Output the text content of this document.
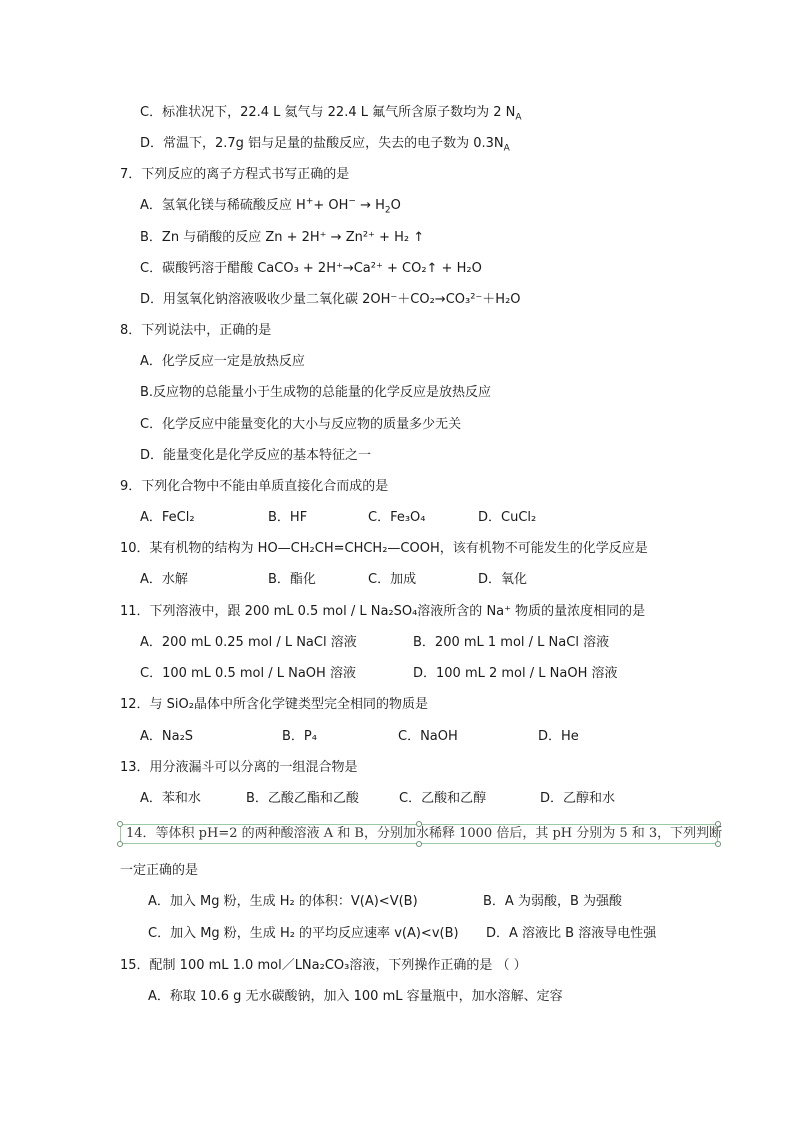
C．标准状况下，22.4 L 氦气与 22.4 L 氟气所含原子数均为 2 $N_A$
D．常温下，2.7g 铝与足量的盐酸反应，失去的电子数为 $0.3N_A$
7．下列反应的离子方程式书写正确的是
A．氢氧化镁与稀硫酸反应 $H^++ OH^- \to H_2O$
B．Zn 与硝酸的反应 Zn + 2H⁺ → Zn²⁺ + H₂ ↑
C．碳酸钙溶于醋酸 CaCO₃ + 2H⁺→Ca²⁺ + CO₂↑ + H₂O
D．用氢氧化钠溶液吸收少量二氧化碳 2OH⁻＋CO₂→CO₃²⁻＋H₂O
8．下列说法中，正确的是
A．化学反应一定是放热反应
B.反应物的总能量小于生成物的总能量的化学反应是放热反应
C．化学反应中能量变化的大小与反应物的质量多少无关
D．能量变化是化学反应的基本特征之一
9．下列化合物中不能由单质直接化合而成的是
A．FeCl₂	B．HF	C．Fe₃O₄	D．CuCl₂
10．某有机物的结构为 HO—CH₂CH=CHCH₂—COOH，该有机物不可能发生的化学反应是
A．水解	B．酯化	C．加成	D．氧化
11．下列溶液中，跟 200 mL 0.5 mol / L Na₂SO₄溶液所含的 Na⁺ 物质的量浓度相同的是
A．200 mL 0.25 mol / L NaCl 溶液	B．200 mL 1 mol / L NaCl 溶液
C．100 mL 0.5 mol / L NaOH 溶液	D．100 mL 2 mol / L NaOH 溶液
12．与 SiO₂晶体中所含化学键类型完全相同的物质是
A．Na₂S	B．P₄	C．NaOH	D．He
13．用分液漏斗可以分离的一组混合物是
A．苯和水	B．乙酸乙酯和乙酸	C．乙酸和乙醇	D．乙醇和水
14．等体积 pH=2 的两种酸溶液 A 和 B，分别加水稀释 1000 倍后，其 pH 分别为 5 和 3，下列判断
一定正确的是
A．加入 Mg 粉，生成 H₂ 的体积：V(A)<V(B)	B．A 为弱酸，B 为强酸
C．加入 Mg 粉，生成 H₂ 的平均反应速率 v(A)<v(B) D．A 溶液比 B 溶液导电性强
15．配制 100 mL 1.0 mol／LNa₂CO₃溶液，下列操作正确的是 （ ）
A．称取 10.6 g 无水碳酸钠，加入 100 mL 容量瓶中，加水溶解、定容
